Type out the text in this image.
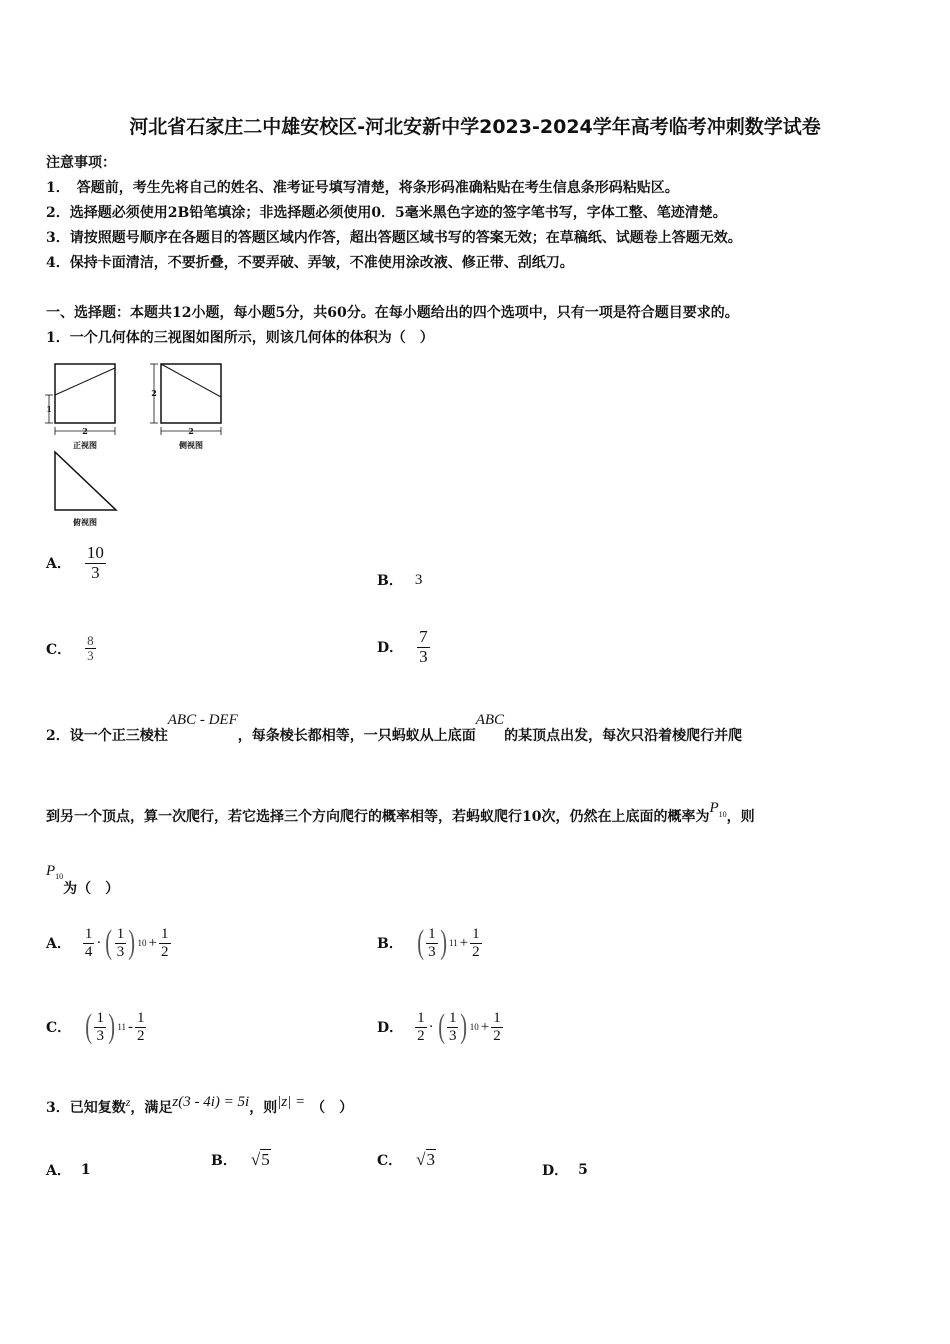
河北省石家庄二中雄安校区-河北安新中学2023-2024学年高考临考冲刺数学试卷
注意事项：
1．　答题前，考生先将自己的姓名、准考证号填写清楚，将条形码准确粘贴在考生信息条形码粘贴区。
2．选择题必须使用2B铅笔填涂；非选择题必须使用0．5毫米黑色字迹的签字笔书写，字体工整、笔迹清楚。
3．请按照题号顺序在各题目的答题区域内作答，超出答题区域书写的答案无效；在草稿纸、试题卷上答题无效。
4．保持卡面清洁，不要折叠，不要弄破、弄皱，不准使用涂改液、修正带、刮纸刀。
一、选择题：本题共12小题，每小题5分，共60分。在每小题给出的四个选项中，只有一项是符合题目要求的。
1．一个几何体的三视图如图所示，则该几何体的体积为（　）
1
2
正视图
2
2
侧视图
俯视图
A． $\frac{10}{3}$	B． 3
C． $\frac{8}{3}$	D． $\frac{7}{3}$
2．设一个正三棱柱ABC - DEF，每条棱长都相等，一只蚂蚁从上底面ABC的某顶点出发，每次只沿着棱爬行并爬
到另一个顶点，算一次爬行，若它选择三个方向爬行的概率相等，若蚂蚁爬行10次，仍然在上底面的概率为$P^{10}$，则
P10为（　）
A． $\frac{1}{4}$ · ( $\frac{1}{3}$ ) $10 + \frac{1}{2}$	B． ( $\frac{1}{3}$ ) $11 + \frac{1}{2}$
C． ( $\frac{1}{3}$ ) $11 - \frac{1}{2}$	D． $\frac{1}{2}$ · ( $\frac{1}{3}$ ) $10 + \frac{1}{2}$
3．已知复数z，满足z(3 - 4i) = 5i，则|z| = （　）
A． 1
B． √5	C． √3
D． 5
